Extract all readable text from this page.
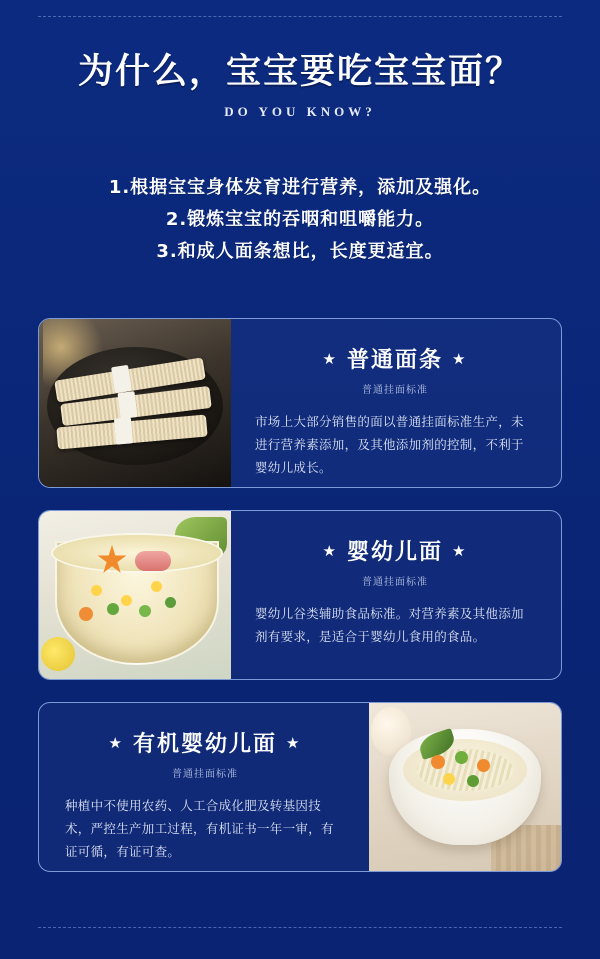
为什么，宝宝要吃宝宝面？
DO YOU KNOW?
1.根据宝宝身体发育进行营养，添加及强化。
2.锻炼宝宝的吞咽和咀嚼能力。
3.和成人面条想比，长度更适宜。
★ 普通面条 ★
普通挂面标准
市场上大部分销售的面以普通挂面标准生产，未进行营养素添加，及其他添加剂的控制，不利于婴幼儿成长。
★ 婴幼儿面 ★
普通挂面标准
婴幼儿谷类辅助食品标准。对营养素及其他添加剂有要求，是适合于婴幼儿食用的食品。
★ 有机婴幼儿面 ★
普通挂面标准
种植中不使用农药、人工合成化肥及转基因技术，严控生产加工过程，有机证书一年一审，有证可循，有证可查。
